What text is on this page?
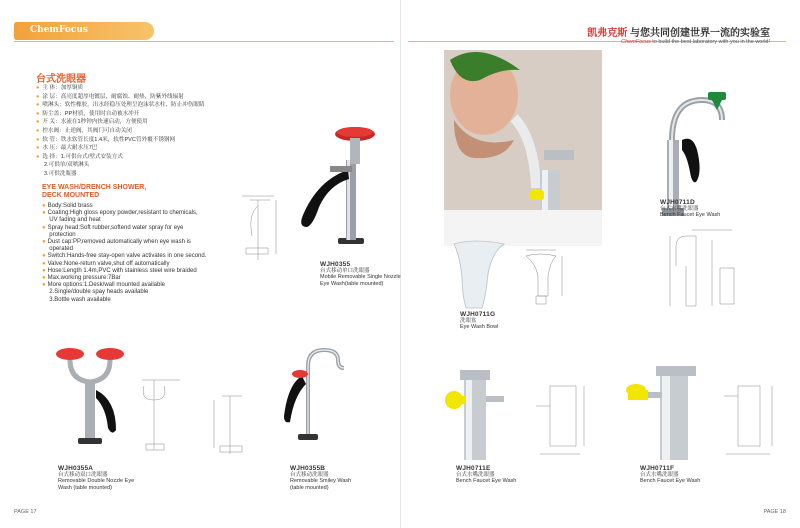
ChemFocus	凯弗克斯 与您共同创建世界一流的实验室
ChemFocus to build the best laboratory with you in the world!
台式洗眼器
● 主 体：加厚铜质
● 涂 层：高亮度超厚电镀层，耐腐蚀、耐热，防紫外线辐射
● 喷淋头：软性橡胶，出水经稳压处理呈泡沫状水柱，防止冲伤眼睛
● 防尘盖：PP材质，使用时自动被水冲开
● 开 关：水流在1秒钟内快速启动，方便使用
● 控水阀：止逆阀，其阀门可自动关闭
● 软 管：铁水软管长度1.4米，软性PVC管外覆不锈钢网
● 水 压：最大耐水压7巴
● 选 择：1.可供台式/壁式安装方式
2.可供单/双喷淋头
3.可供洗瓶器
EYE WASH/DRENCH SHOWER,
DECK MOUNTED
● Body:Solid brass
● Coating:High gloss epoxy powder,resistant to chemicals,
UV fading and heat
● Spray head:Soft rubber,softend water spray for eye
protection
● Dust cap:PP,removed automatically when eye wash is
operated
● Switch:Hands-free stay-open valve activates in one second.
● Valve:None-return valve,shut off automatically
● Hose:Length 1.4m,PVC with stainless steel wire braided
● Max.working pressure:7Bar
● More options:1.Desk/wall mounted available
2.Single/double spay heads available
3.Bottle wash available
WJH0355
台式移动单口洗眼器
Mobile Removable Single Nozzle
Eye Wash(table mounted)
WJH0711D
台式水嘴洗眼器
Bench Faucet Eye Wash
WJH0711G
洗眼盆
Eye Wash Bowl
WJH0355A
台式移动双口洗眼器
Removable Double Nozzle Eye
Wash (table mounted)
WJH0355B
台式移动洗眼器
Removable Smiley Wash
(table mounted)
WJH0711E
台式水嘴洗眼器
Bench Faucet Eye Wash
WJH0711F
台式水嘴洗眼器
Bench Faucet Eye Wash
PAGE 17	PAGE 18
